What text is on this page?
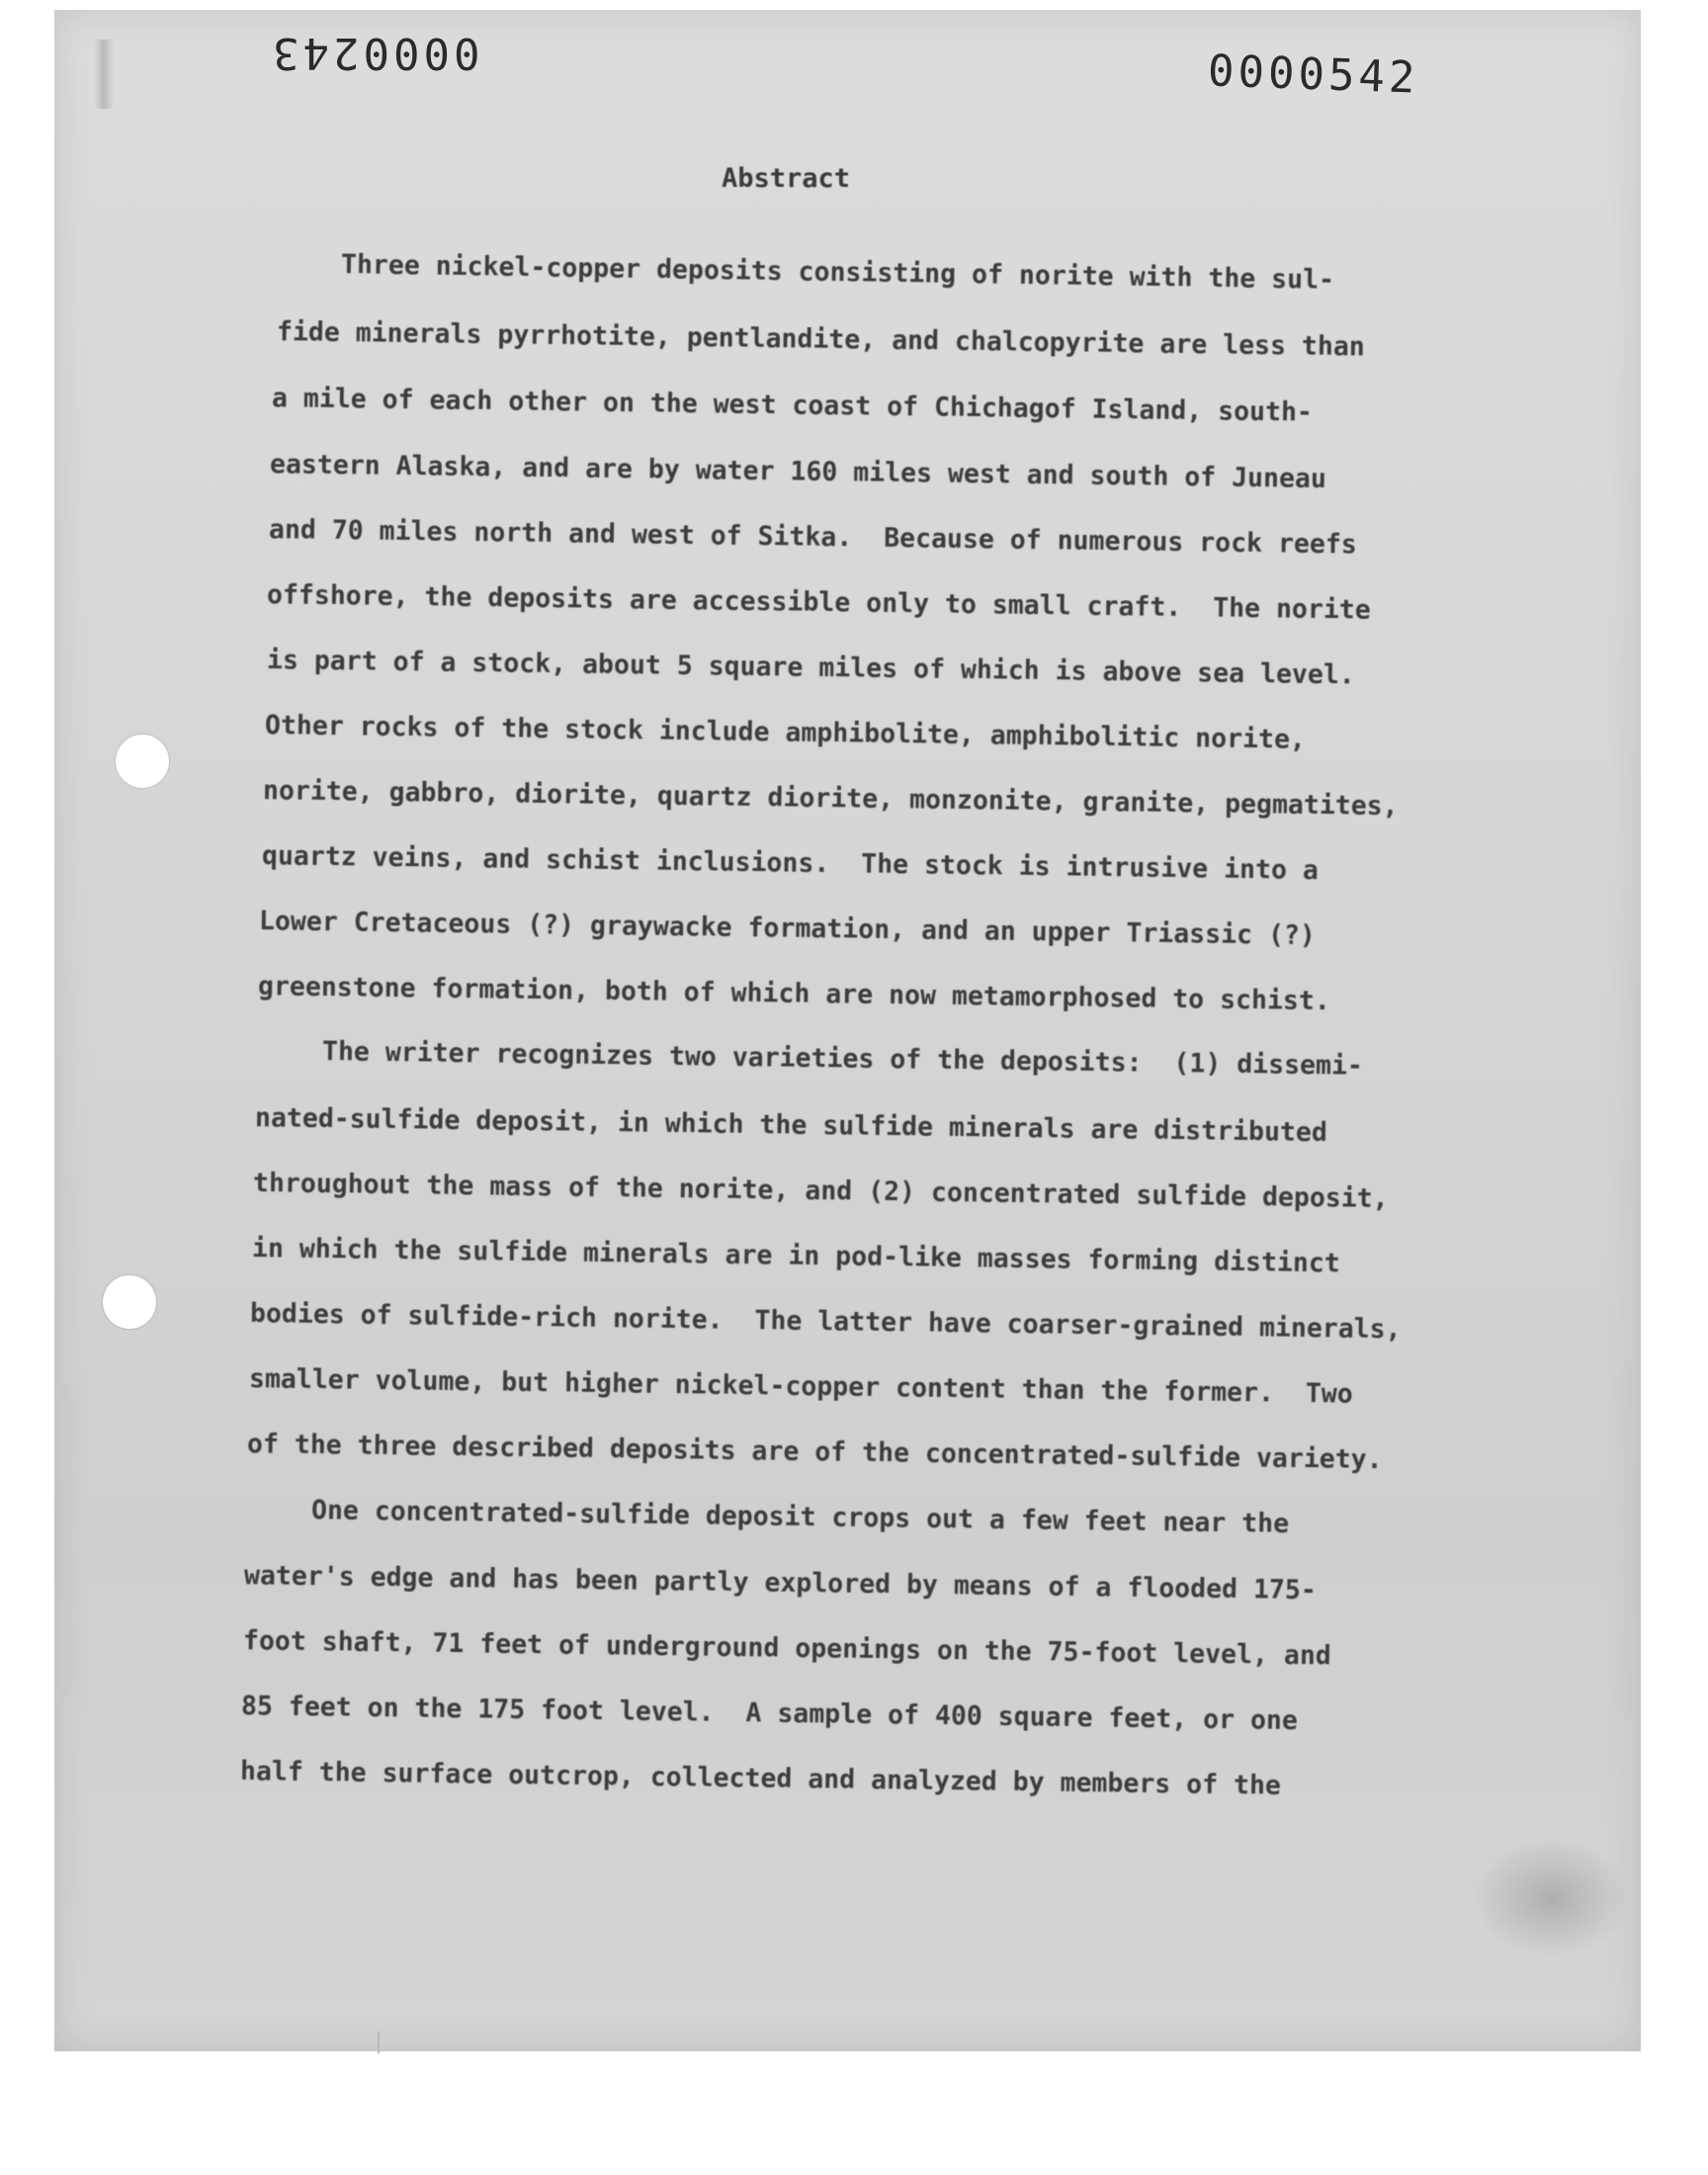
0000243	0000542
Abstract
Three nickel-copper deposits consisting of norite with the sul-
fide minerals pyrrhotite, pentlandite, and chalcopyrite are less than
a mile of each other on the west coast of Chichagof Island, south-
eastern Alaska, and are by water 160 miles west and south of Juneau
and 70 miles north and west of Sitka.  Because of numerous rock reefs
offshore, the deposits are accessible only to small craft.  The norite
is part of a stock, about 5 square miles of which is above sea level.
Other rocks of the stock include amphibolite, amphibolitic norite,
norite, gabbro, diorite, quartz diorite, monzonite, granite, pegmatites,
quartz veins, and schist inclusions.  The stock is intrusive into a
Lower Cretaceous (?) graywacke formation, and an upper Triassic (?)
greenstone formation, both of which are now metamorphosed to schist.
The writer recognizes two varieties of the deposits:  (1) dissemi-
nated-sulfide deposit, in which the sulfide minerals are distributed
throughout the mass of the norite, and (2) concentrated sulfide deposit,
in which the sulfide minerals are in pod-like masses forming distinct
bodies of sulfide-rich norite.  The latter have coarser-grained minerals,
smaller volume, but higher nickel-copper content than the former.  Two
of the three described deposits are of the concentrated-sulfide variety.
One concentrated-sulfide deposit crops out a few feet near the
water's edge and has been partly explored by means of a flooded 175-
foot shaft, 71 feet of underground openings on the 75-foot level, and
85 feet on the 175 foot level.  A sample of 400 square feet, or one
half the surface outcrop, collected and analyzed by members of the
